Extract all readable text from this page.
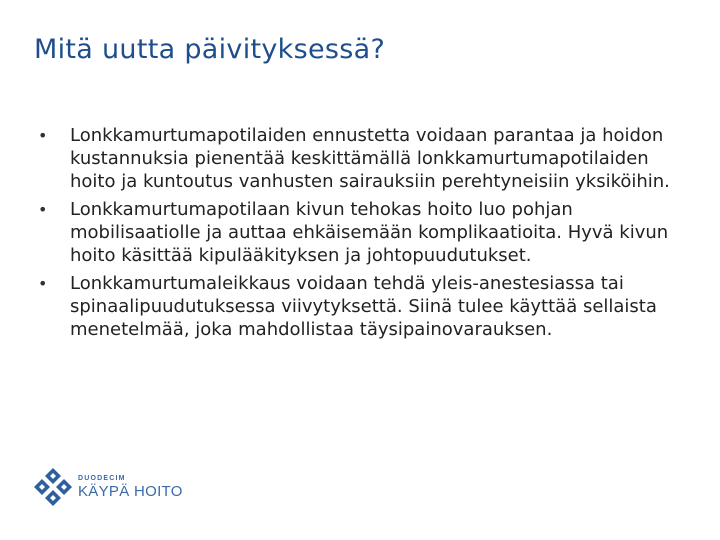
Mitä uutta päivityksessä?
• Lonkkamurtumapotilaiden ennustetta voidaan parantaa ja hoidon kustannuksia pienentää keskittämällä lonkkamurtumapotilaiden hoito ja kuntoutus vanhusten sairauksiin perehtyneisiin yksiköihin.
• Lonkkamurtumapotilaan kivun tehokas hoito luo pohjan mobilisaatiolle ja auttaa ehkäisemään komplikaatioita. Hyvä kivun hoito käsittää kipulääkityksen ja johtopuudutukset.
• Lonkkamurtumaleikkaus voidaan tehdä yleis-anestesiassa tai spinaalipuudutuksessa viivytyksettä. Siinä tulee käyttää sellaista menetelmää, joka mahdollistaa täysipainovarauksen.
DUODECIM
KÄYPÄ HOITO
